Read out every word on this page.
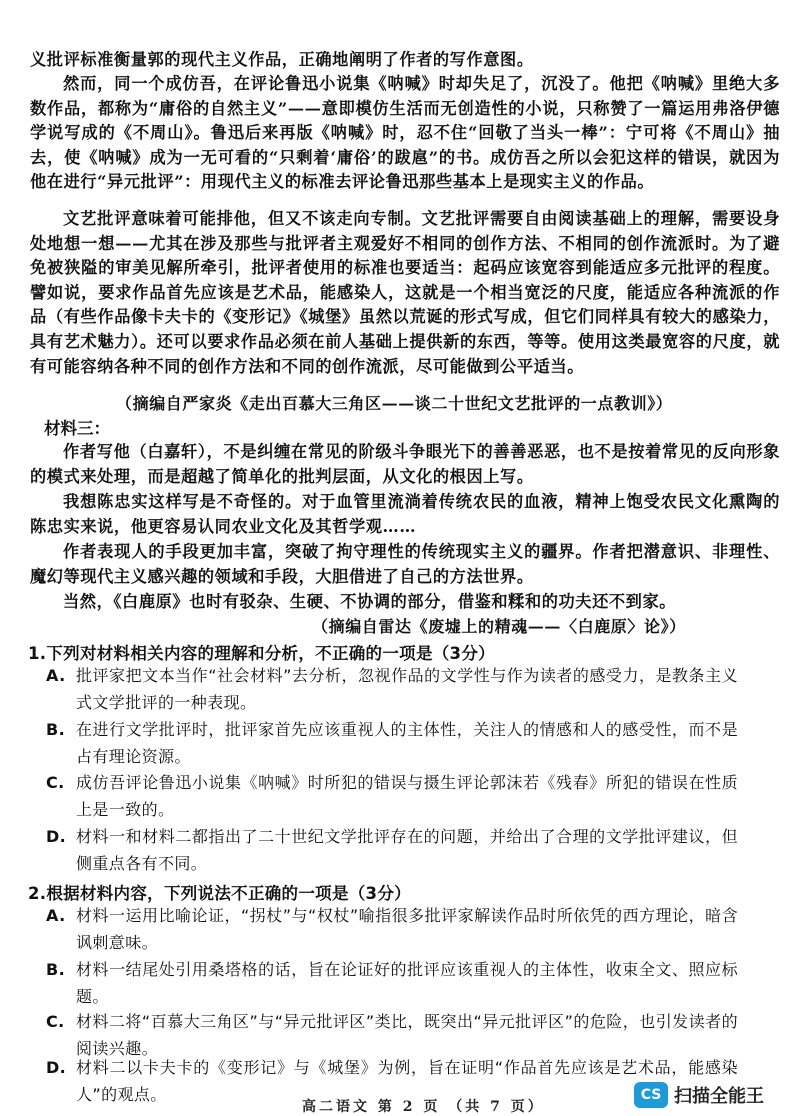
义批评标准衡量郭的现代主义作品，正确地阐明了作者的写作意图。

然而，同一个成仿吾，在评论鲁迅小说集《呐喊》时却失足了，沉没了。他把《呐喊》里绝大多数作品，都称为“庸俗的自然主义”——意即模仿生活而无创造性的小说，只称赞了一篇运用弗洛伊德学说写成的《不周山》。鲁迅后来再版《呐喊》时，忍不住“回敬了当头一棒”：宁可将《不周山》抽去，使《呐喊》成为一无可看的“只剩着‘庸俗’的跋扈”的书。成仿吾之所以会犯这样的错误，就因为他在进行“异元批评”：用现代主义的标准去评论鲁迅那些基本上是现实主义的作品。

文艺批评意味着可能排他，但又不该走向专制。文艺批评需要自由阅读基础上的理解，需要设身处地想一想——尤其在涉及那些与批评者主观爱好不相同的创作方法、不相同的创作流派时。为了避免被狭隘的审美见解所牵引，批评者使用的标准也要适当：起码应该宽容到能适应多元批评的程度。譬如说，要求作品首先应该是艺术品，能感染人，这就是一个相当宽泛的尺度，能适应各种流派的作品（有些作品像卡夫卡的《变形记》《城堡》虽然以荒诞的形式写成，但它们同样具有较大的感染力，具有艺术魅力）。还可以要求作品必须在前人基础上提供新的东西，等等。使用这类最宽容的尺度，就有可能容纳各种不同的创作方法和不同的创作流派，尽可能做到公平适当。

（摘编自严家炎《走出百慕大三角区——谈二十世纪文艺批评的一点教训》）
材料三：

作者写他（白嘉轩），不是纠缠在常见的阶级斗争眼光下的善善恶恶，也不是按着常见的反向形象的模式来处理，而是超越了简单化的批判层面，从文化的根因上写。

我想陈忠实这样写是不奇怪的。对于血管里流淌着传统农民的血液，精神上饱受农民文化熏陶的陈忠实来说，他更容易认同农业文化及其哲学观……

作者表现人的手段更加丰富，突破了拘守理性的传统现实主义的疆界。作者把潜意识、非理性、魔幻等现代主义感兴趣的领域和手段，大胆借进了自己的方法世界。

当然，《白鹿原》也时有驳杂、生硬、不协调的部分，借鉴和糅和的功夫还不到家。

（摘编自雷达《废墟上的精魂——〈白鹿原〉论》）
1.下列对材料相关内容的理解和分析，不正确的一项是（3分）
A. 批评家把文本当作“社会材料”去分析，忽视作品的文学性与作为读者的感受力，是教条主义式文学批评的一种表现。
B. 在进行文学批评时，批评家首先应该重视人的主体性，关注人的情感和人的感受性，而不是占有理论资源。
C. 成仿吾评论鲁迅小说集《呐喊》时所犯的错误与摄生评论郭沫若《残春》所犯的错误在性质上是一致的。
D. 材料一和材料二都指出了二十世纪文学批评存在的问题，并给出了合理的文学批评建议，但侧重点各有不同。
2.根据材料内容，下列说法不正确的一项是（3分）
A. 材料一运用比喻论证，“拐杖”与“权杖”喻指很多批评家解读作品时所依凭的西方理论，暗含讽刺意味。
B. 材料一结尾处引用桑塔格的话，旨在论证好的批评应该重视人的主体性，收束全文、照应标题。
C. 材料二将“百慕大三角区”与“异元批评区”类比，既突出“异元批评区”的危险，也引发读者的阅读兴趣。
D. 材料二以卡夫卡的《变形记》与《城堡》为例，旨在证明“作品首先应该是艺术品，能感染人”的观点。
高二语文 第 2 页 （共 7 页）
CS 扫描全能王
